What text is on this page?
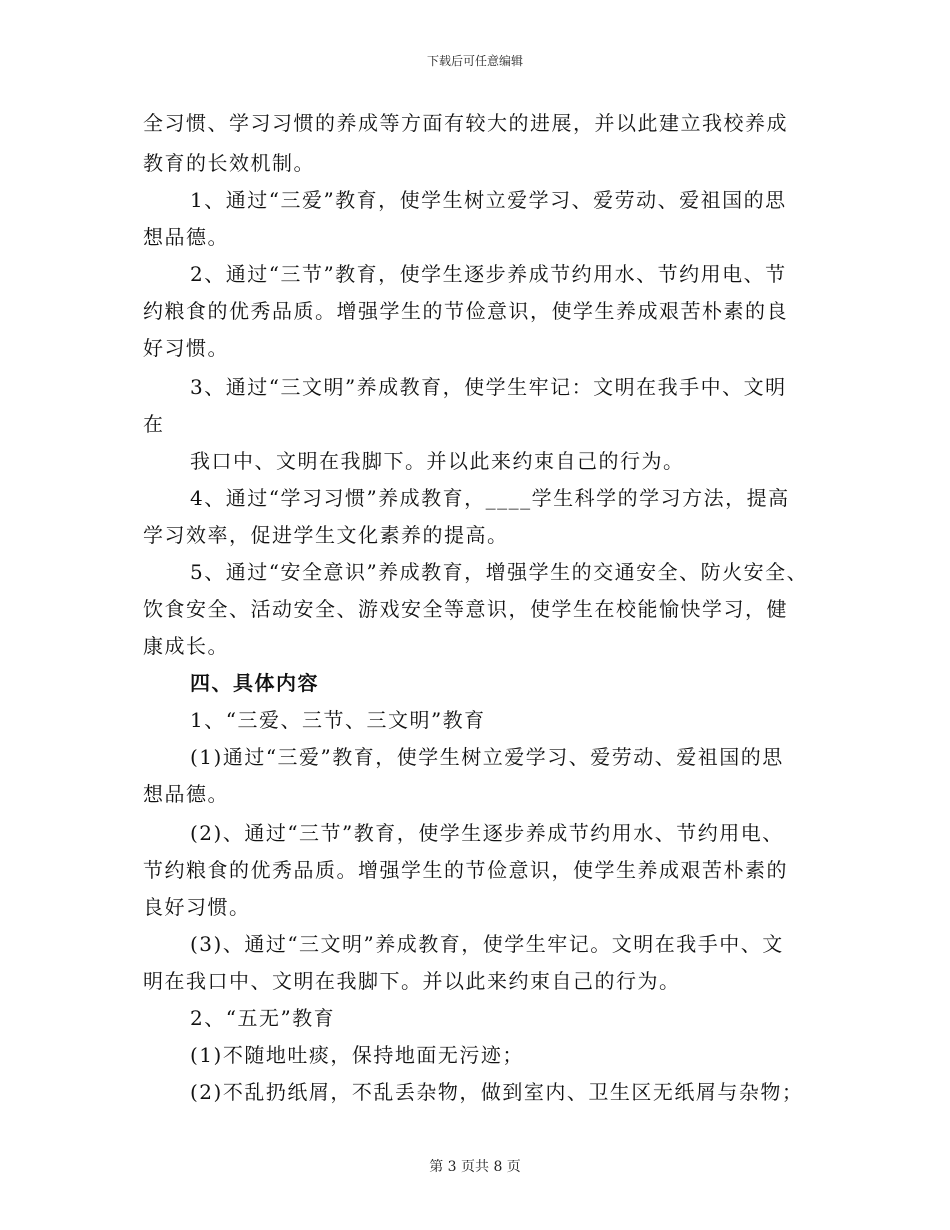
下载后可任意编辑
全习惯、学习习惯的养成等方面有较大的进展，并以此建立我校养成
教育的长效机制。
1、通过“三爱”教育，使学生树立爱学习、爱劳动、爱祖国的思
想品德。
2、通过“三节”教育，使学生逐步养成节约用水、节约用电、节
约粮食的优秀品质。增强学生的节俭意识，使学生养成艰苦朴素的良
好习惯。
3、通过“三文明”养成教育，使学生牢记：文明在我手中、文明
在
我口中、文明在我脚下。并以此来约束自己的行为。
4、通过“学习习惯”养成教育，____学生科学的学习方法，提高
学习效率，促进学生文化素养的提高。
5、通过“安全意识”养成教育，增强学生的交通安全、防火安全、
饮食安全、活动安全、游戏安全等意识，使学生在校能愉快学习，健
康成长。
四、具体内容
1、“三爱、三节、三文明”教育
(1)通过“三爱”教育，使学生树立爱学习、爱劳动、爱祖国的思
想品德。
(2)、通过“三节”教育，使学生逐步养成节约用水、节约用电、
节约粮食的优秀品质。增强学生的节俭意识，使学生养成艰苦朴素的
良好习惯。
(3)、通过“三文明”养成教育，使学生牢记。文明在我手中、文
明在我口中、文明在我脚下。并以此来约束自己的行为。
2、“五无”教育
(1)不随地吐痰，保持地面无污迹；
(2)不乱扔纸屑，不乱丢杂物，做到室内、卫生区无纸屑与杂物；
第 3 页共 8 页
